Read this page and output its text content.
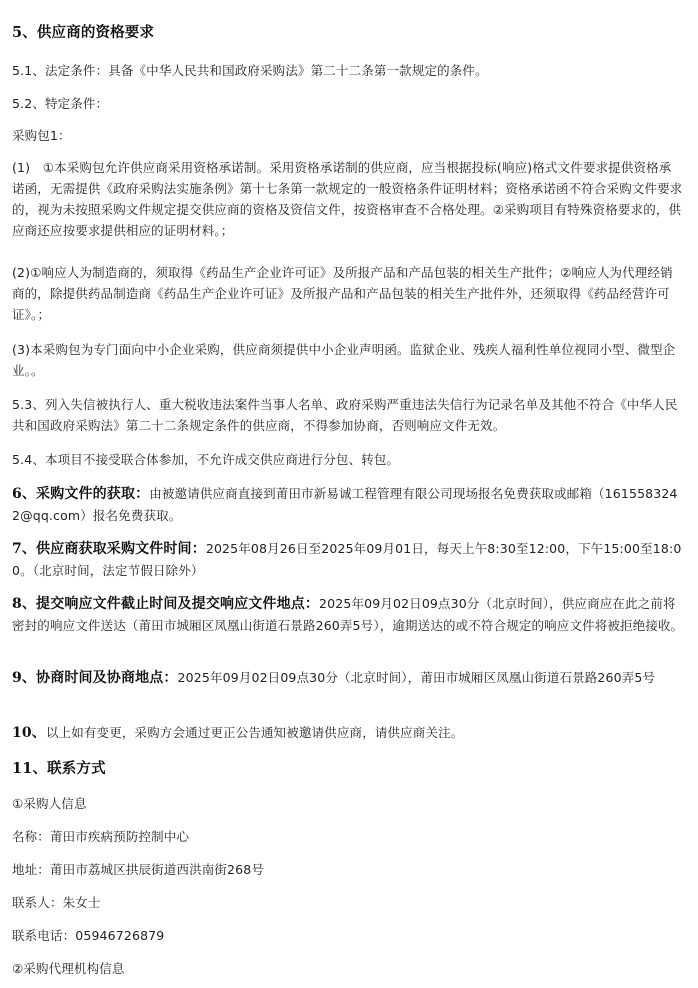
5、供应商的资格要求
5.1、法定条件：具备《中华人民共和国政府采购法》第二十二条第一款规定的条件。
5.2、特定条件：
采购包1：
(1)　①本采购包允许供应商采用资格承诺制。采用资格承诺制的供应商，应当根据投标(响应)格式文件要求提供资格承诺函，无需提供《政府采购法实施条例》第十七条第一款规定的一般资格条件证明材料；资格承诺函不符合采购文件要求的，视为未按照采购文件规定提交供应商的资格及资信文件，按资格审查不合格处理。②采购项目有特殊资格要求的，供应商还应按要求提供相应的证明材料。；
(2)①响应人为制造商的，须取得《药品生产企业许可证》及所报产品和产品包装的相关生产批件；②响应人为代理经销商的，除提供药品制造商《药品生产企业许可证》及所报产品和产品包装的相关生产批件外，还须取得《药品经营许可证》。；
(3)本采购包为专门面向中小企业采购，供应商须提供中小企业声明函。监狱企业、残疾人福利性单位视同小型、微型企业。。
5.3、列入失信被执行人、重大税收违法案件当事人名单、政府采购严重违法失信行为记录名单及其他不符合《中华人民共和国政府采购法》第二十二条规定条件的供应商，不得参加协商，否则响应文件无效。
5.4、本项目不接受联合体参加，不允许成交供应商进行分包、转包。
6、采购文件的获取：由被邀请供应商直接到莆田市新易诚工程管理有限公司现场报名免费获取或邮箱（1615583242@qq.com）报名免费获取。
7、供应商获取采购文件时间：2025年08月26日至2025年09月01日，每天上午8:30至12:00，下午15:00至18:00。（北京时间，法定节假日除外）
8、提交响应文件截止时间及提交响应文件地点：2025年09月02日09点30分（北京时间），供应商应在此之前将密封的响应文件送达（莆田市城厢区凤凰山街道石景路260弄5号），逾期送达的或不符合规定的响应文件将被拒绝接收。
9、协商时间及协商地点：2025年09月02日09点30分（北京时间），莆田市城厢区凤凰山街道石景路260弄5号
10、以上如有变更，采购方会通过更正公告通知被邀请供应商，请供应商关注。
11、联系方式
①采购人信息
名称：莆田市疾病预防控制中心
地址：莆田市荔城区拱辰街道西洪南街268号
联系人：朱女士
联系电话：05946726879
②采购代理机构信息
